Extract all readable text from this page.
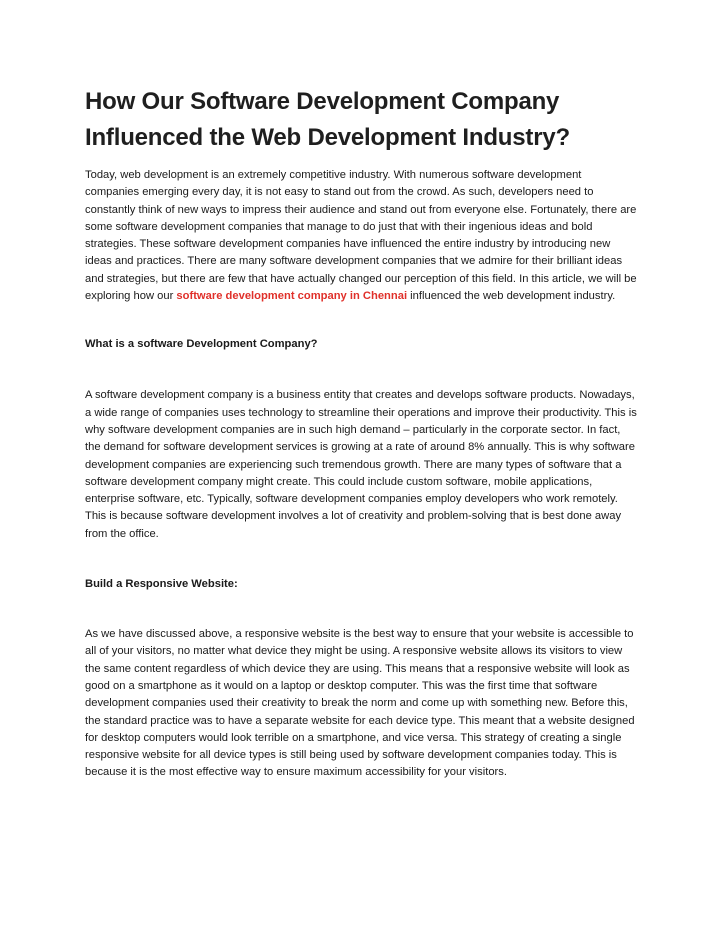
How Our Software Development Company Influenced the Web Development Industry?

Today, web development is an extremely competitive industry. With numerous software development companies emerging every day, it is not easy to stand out from the crowd. As such, developers need to constantly think of new ways to impress their audience and stand out from everyone else. Fortunately, there are some software development companies that manage to do just that with their ingenious ideas and bold strategies. These software development companies have influenced the entire industry by introducing new ideas and practices. There are many software development companies that we admire for their brilliant ideas and strategies, but there are few that have actually changed our perception of this field. In this article, we will be exploring how our software development company in Chennai influenced the web development industry.

What is a software Development Company?

A software development company is a business entity that creates and develops software products. Nowadays, a wide range of companies uses technology to streamline their operations and improve their productivity. This is why software development companies are in such high demand – particularly in the corporate sector. In fact, the demand for software development services is growing at a rate of around 8% annually. This is why software development companies are experiencing such tremendous growth. There are many types of software that a software development company might create. This could include custom software, mobile applications, enterprise software, etc. Typically, software development companies employ developers who work remotely. This is because software development involves a lot of creativity and problem-solving that is best done away from the office.

Build a Responsive Website:

As we have discussed above, a responsive website is the best way to ensure that your website is accessible to all of your visitors, no matter what device they might be using. A responsive website allows its visitors to view the same content regardless of which device they are using. This means that a responsive website will look as good on a smartphone as it would on a laptop or desktop computer. This was the first time that software development companies used their creativity to break the norm and come up with something new. Before this, the standard practice was to have a separate website for each device type. This meant that a website designed for desktop computers would look terrible on a smartphone, and vice versa. This strategy of creating a single responsive website for all device types is still being used by software development companies today. This is because it is the most effective way to ensure maximum accessibility for your visitors.
